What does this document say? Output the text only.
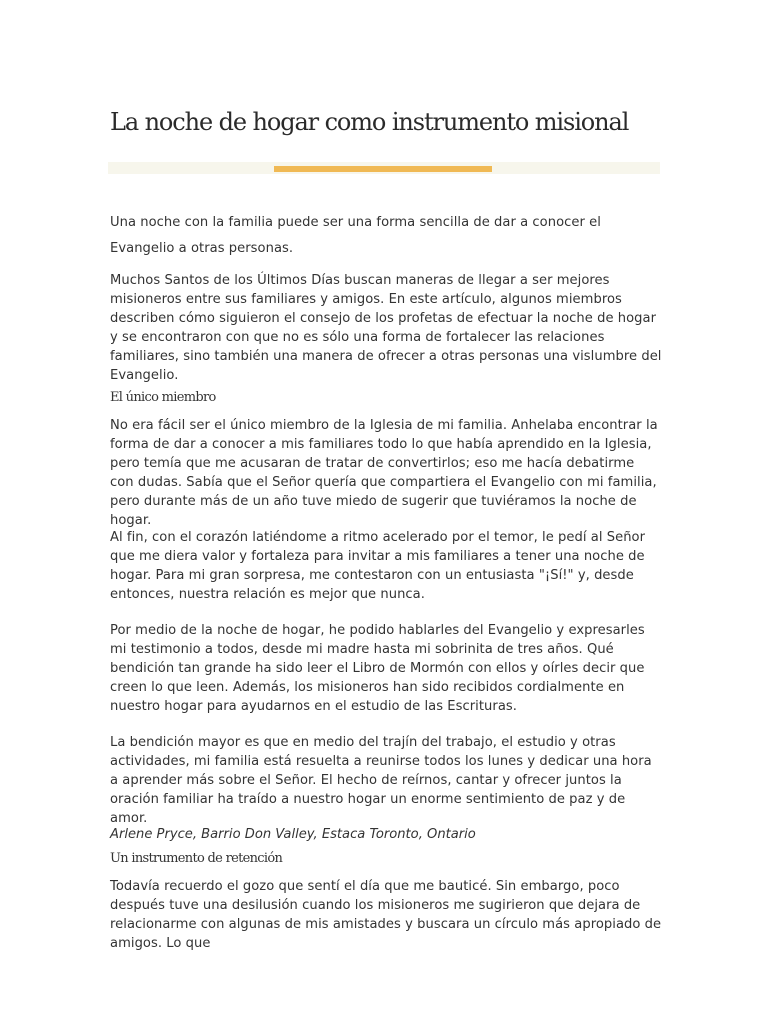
La noche de hogar como instrumento misional

Una noche con la familia puede ser una forma sencilla de dar a conocer el Evangelio a otras personas.

Muchos Santos de los Últimos Días buscan maneras de llegar a ser mejores misioneros entre sus familiares y amigos. En este artículo, algunos miembros describen cómo siguieron el consejo de los profetas de efectuar la noche de hogar y se encontraron con que no es sólo una forma de fortalecer las relaciones familiares, sino también una manera de ofrecer a otras personas una vislumbre del Evangelio.

El único miembro

No era fácil ser el único miembro de la Iglesia de mi familia. Anhelaba encontrar la forma de dar a conocer a mis familiares todo lo que había aprendido en la Iglesia, pero temía que me acusaran de tratar de convertirlos; eso me hacía debatirme con dudas. Sabía que el Señor quería que compartiera el Evangelio con mi familia, pero durante más de un año tuve miedo de sugerir que tuviéramos la noche de hogar.

Al fin, con el corazón latiéndome a ritmo acelerado por el temor, le pedí al Señor que me diera valor y fortaleza para invitar a mis familiares a tener una noche de hogar. Para mi gran sorpresa, me contestaron con un entusiasta "¡Sí!" y, desde entonces, nuestra relación es mejor que nunca.

Por medio de la noche de hogar, he podido hablarles del Evangelio y expresarles mi testimonio a todos, desde mi madre hasta mi sobrinita de tres años. Qué bendición tan grande ha sido leer el Libro de Mormón con ellos y oírles decir que creen lo que leen. Además, los misioneros han sido recibidos cordialmente en nuestro hogar para ayudarnos en el estudio de las Escrituras.

La bendición mayor es que en medio del trajín del trabajo, el estudio y otras actividades, mi familia está resuelta a reunirse todos los lunes y dedicar una hora a aprender más sobre el Señor. El hecho de reírnos, cantar y ofrecer juntos la oración familiar ha traído a nuestro hogar un enorme sentimiento de paz y de amor.

Arlene Pryce, Barrio Don Valley, Estaca Toronto, Ontario

Un instrumento de retención

Todavía recuerdo el gozo que sentí el día que me bauticé. Sin embargo, poco después tuve una desilusión cuando los misioneros me sugirieron que dejara de relacionarme con algunas de mis amistades y buscara un círculo más apropiado de amigos. Lo que
